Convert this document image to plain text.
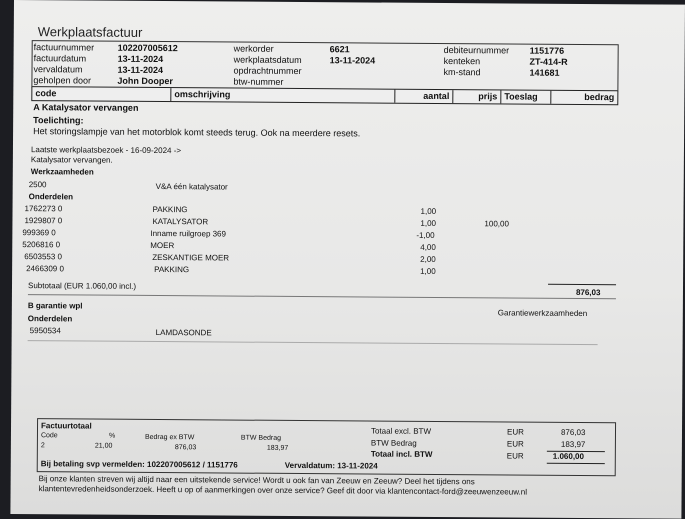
Werkplaatsfactuur
factuurnummer	102207005612	werkorder	6621	debiteurnummer 1151776
factuurdatum	13-11-2024	werkplaatsdatum	13-11-2024	kenteken	ZT-414-R
vervaldatum	13-11-2024	opdrachtnummer	km-stand	141681
geholpen door	John Dooper	btw-nummer
code	omschrijving	aantal	prijs Toeslag	bedrag
A Katalysator vervangen
Toelichting:
Het storingslampje van het motorblok komt steeds terug. Ook na meerdere resets.
Laatste werkplaatsbezoek - 16-09-2024 ->
Katalysator vervangen.
Werkzaamheden
2500	V&A één katalysator
Onderdelen
1762273 0	PAKKING	1,00
1929807 0	KATALYSATOR	1,00	100,00
999369 0	Inname ruilgroep 369	-1,00
5206816 0	MOER	4,00
6503553 0	ZESKANTIGE MOER	2,00
2466309 0	PAKKING	1,00
Subtotaal (EUR 1.060,00 incl.)
876,03
B garantie wpl
Garantiewerkzaamheden
Onderdelen
5950534	LAMDASONDE
Factuurtotaal
Code	%	Bedrag ex BTW	BTW Bedrag
2	21,00	876,03	183,97
Totaal excl. BTW	EUR	876,03
BTW Bedrag	EUR	183,97
Totaal incl. BTW	EUR	1.060,00
Bij betaling svp vermelden: 102207005612 / 1151776	Vervaldatum: 13-11-2024
Bij onze klanten streven wij altijd naar een uitstekende service! Wordt u ook fan van Zeeuw en Zeeuw? Deel het tijdens ons
klantentevredenheidsonderzoek. Heeft u op of aanmerkingen over onze service? Geef dit door via klantencontact-ford@zeeuwenzeeuw.nl
